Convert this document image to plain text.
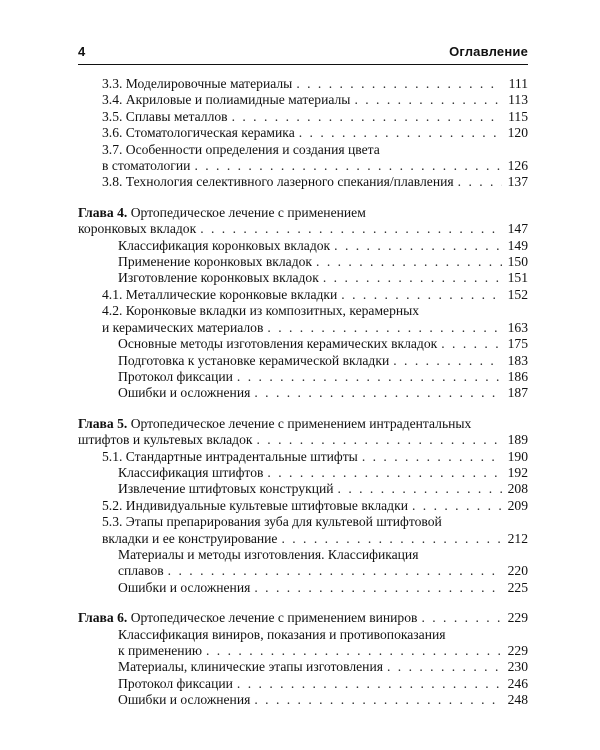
4	Оглавление
3.3. Моделировочные материалы . . .	111
3.4. Акриловые и полиамидные материалы . . .	113
3.5. Сплавы металлов . . .	115
3.6. Стоматологическая керамика . . .	120
3.7. Особенности определения и создания цвета
в стоматологии . . .	126
3.8. Технология селективного лазерного спекания/плавления . . .	137
Глава 4. Ортопедическое лечение с применением
коронковых вкладок . . .	147
Классификация коронковых вкладок . . .	149
Применение коронковых вкладок . . .	150
Изготовление коронковых вкладок . . .	151
4.1. Металлические коронковые вкладки . . .	152
4.2. Коронковые вкладки из композитных, керамерных
и керамических материалов . . .	163
Основные методы изготовления керамических вкладок . . .	175
Подготовка к установке керамической вкладки . . .	183
Протокол фиксации . . .	186
Ошибки и осложнения . . .	187
Глава 5. Ортопедическое лечение с применением интрадентальных
штифтов и культевых вкладок . . .	189
5.1. Стандартные интрадентальные штифты . . .	190
Классификация штифтов . . .	192
Извлечение штифтовых конструкций . . .	208
5.2. Индивидуальные культевые штифтовые вкладки . . .	209
5.3. Этапы препарирования зуба для культевой штифтовой
вкладки и ее конструирование . . .	212
Материалы и методы изготовления. Классификация
сплавов . . .	220
Ошибки и осложнения . . .	225
Глава 6. Ортопедическое лечение с применением виниров . . .	229
Классификация виниров, показания и противопоказания
к применению . . .	229
Материалы, клинические этапы изготовления . . .	230
Протокол фиксации . . .	246
Ошибки и осложнения . . .	248
